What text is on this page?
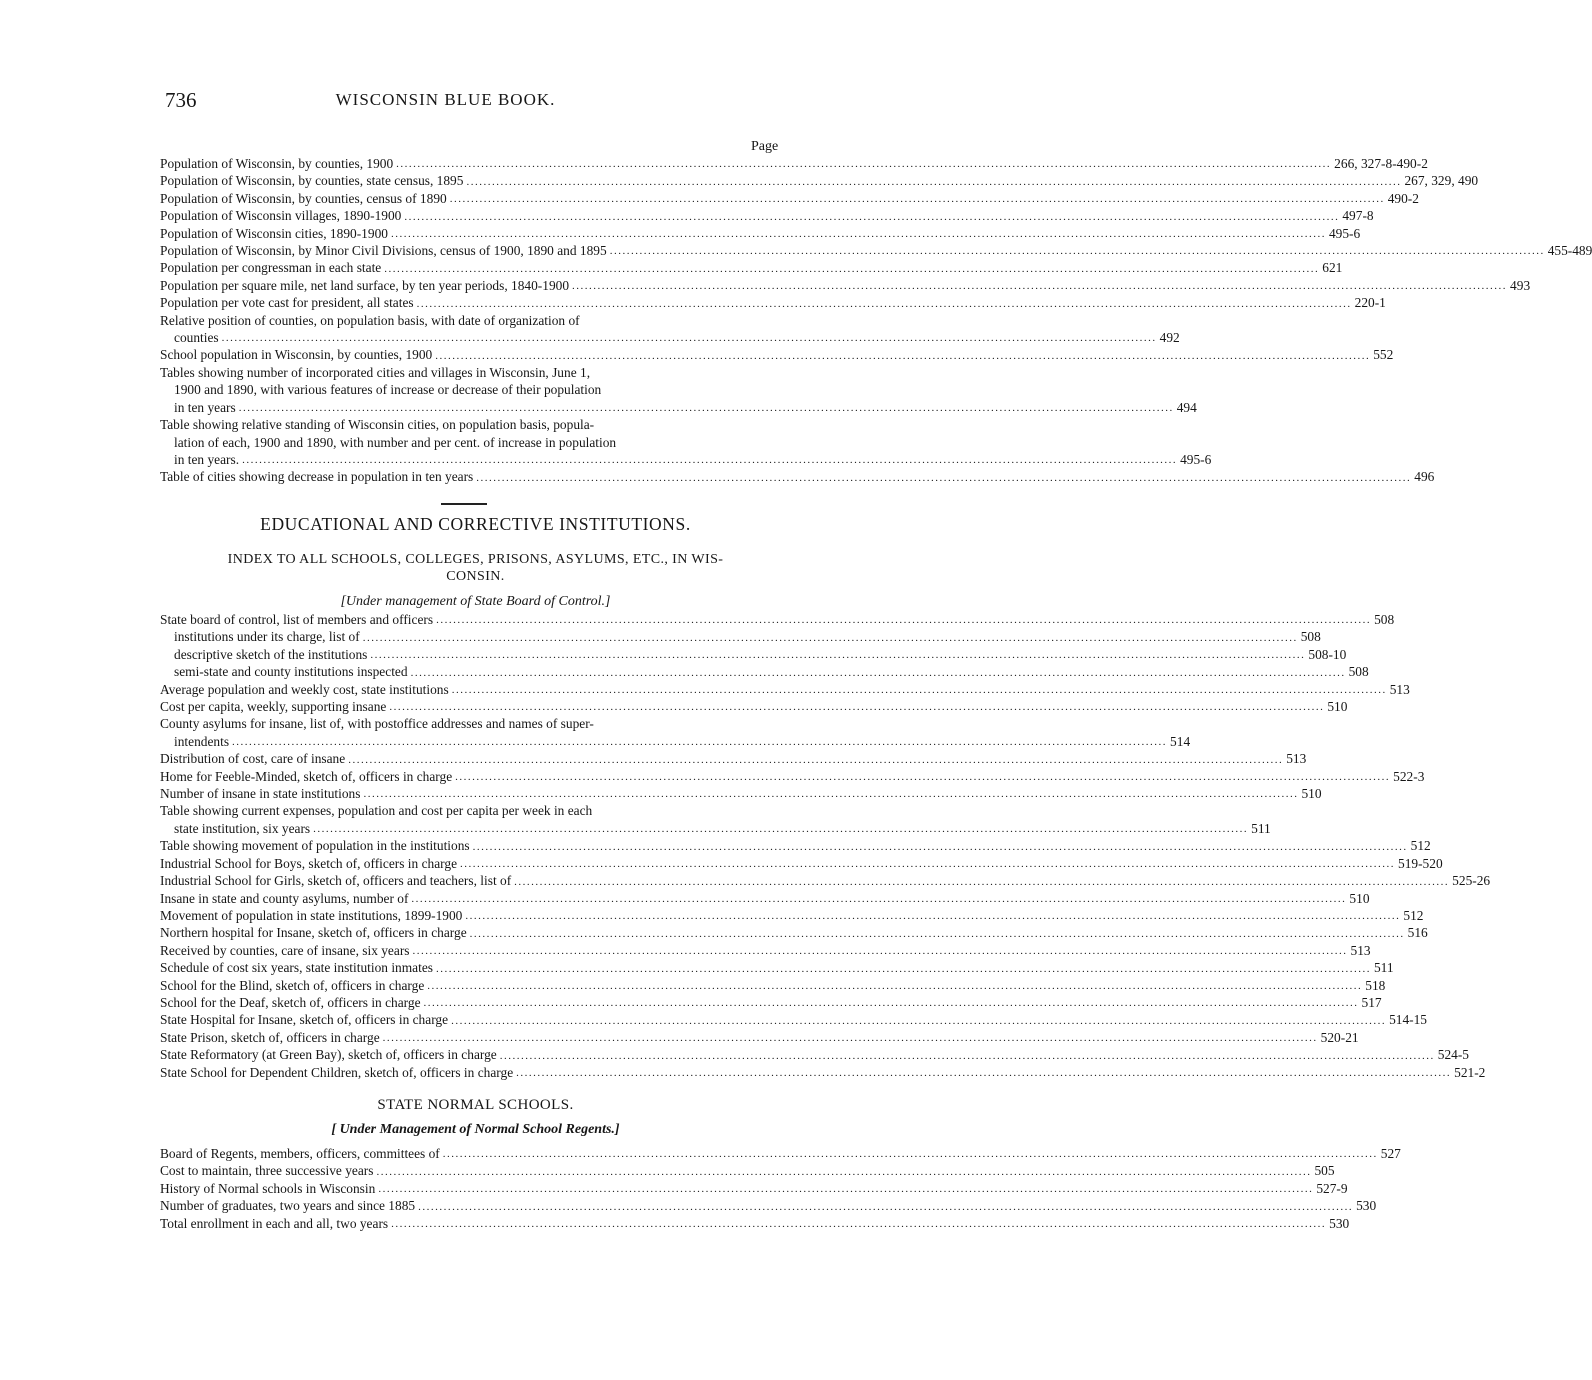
736	WISCONSIN BLUE BOOK.
Page
Population of Wisconsin, by counties, 1900 ............................................................................................................................................................................................................................ 266, 327-8-490-2
Population of Wisconsin, by counties, state census, 1895 ............................................................................................................................................................................................................................ 267, 329, 490
Population of Wisconsin, by counties, census of 1890 ............................................................................................................................................................................................................................ 490-2
Population of Wisconsin villages, 1890-1900 ............................................................................................................................................................................................................................ 497-8
Population of Wisconsin cities, 1890-1900 ............................................................................................................................................................................................................................ 495-6
Population of Wisconsin, by Minor Civil Divisions, census of 1900, 1890 and 1895 ............................................................................................................................................................................................................................ 455-489
Population per congressman in each state ............................................................................................................................................................................................................................ 621
Population per square mile, net land surface, by ten year periods, 1840-1900 ............................................................................................................................................................................................................................ 493
Population per vote cast for president, all states ............................................................................................................................................................................................................................ 220-1
Relative position of counties, on population basis, with date of organization of
counties ............................................................................................................................................................................................................................ 492
School population in Wisconsin, by counties, 1900 ............................................................................................................................................................................................................................ 552
Tables showing number of incorporated cities and villages in Wisconsin, June 1,
1900 and 1890, with various features of increase or decrease of their population
in ten years ............................................................................................................................................................................................................................ 494
Table showing relative standing of Wisconsin cities, on population basis, popula-
lation of each, 1900 and 1890, with number and per cent. of increase in population
in ten years. ............................................................................................................................................................................................................................ 495-6
Table of cities showing decrease in population in ten years ............................................................................................................................................................................................................................ 496
EDUCATIONAL AND CORRECTIVE INSTITUTIONS.
INDEX TO ALL SCHOOLS, COLLEGES, PRISONS, ASYLUMS, ETC., IN WIS-
CONSIN.
[Under management of State Board of Control.]
State board of control, list of members and officers ............................................................................................................................................................................................................................ 508
institutions under its charge, list of ............................................................................................................................................................................................................................ 508
descriptive sketch of the institutions ............................................................................................................................................................................................................................ 508-10
semi-state and county institutions inspected ............................................................................................................................................................................................................................ 508
Average population and weekly cost, state institutions ............................................................................................................................................................................................................................ 513
Cost per capita, weekly, supporting insane ............................................................................................................................................................................................................................ 510
County asylums for insane, list of, with postoffice addresses and names of super-
intendents ............................................................................................................................................................................................................................ 514
Distribution of cost, care of insane ............................................................................................................................................................................................................................ 513
Home for Feeble-Minded, sketch of, officers in charge ............................................................................................................................................................................................................................ 522-3
Number of insane in state institutions ............................................................................................................................................................................................................................ 510
Table showing current expenses, population and cost per capita per week in each
state institution, six years ............................................................................................................................................................................................................................ 511
Table showing movement of population in the institutions ............................................................................................................................................................................................................................ 512
Industrial School for Boys, sketch of, officers in charge ............................................................................................................................................................................................................................ 519-520
Industrial School for Girls, sketch of, officers and teachers, list of ............................................................................................................................................................................................................................ 525-26
Insane in state and county asylums, number of ............................................................................................................................................................................................................................ 510
Movement of population in state institutions, 1899-1900 ............................................................................................................................................................................................................................ 512
Northern hospital for Insane, sketch of, officers in charge ............................................................................................................................................................................................................................ 516
Received by counties, care of insane, six years ............................................................................................................................................................................................................................ 513
Schedule of cost six years, state institution inmates ............................................................................................................................................................................................................................ 511
School for the Blind, sketch of, officers in charge ............................................................................................................................................................................................................................ 518
School for the Deaf, sketch of, officers in charge ............................................................................................................................................................................................................................ 517
State Hospital for Insane, sketch of, officers in charge ............................................................................................................................................................................................................................ 514-15
State Prison, sketch of, officers in charge ............................................................................................................................................................................................................................ 520-21
State Reformatory (at Green Bay), sketch of, officers in charge ............................................................................................................................................................................................................................ 524-5
State School for Dependent Children, sketch of, officers in charge ............................................................................................................................................................................................................................ 521-2
STATE NORMAL SCHOOLS.
[ Under Management of Normal School Regents.]
Board of Regents, members, officers, committees of ............................................................................................................................................................................................................................ 527
Cost to maintain, three successive years ............................................................................................................................................................................................................................ 505
History of Normal schools in Wisconsin ............................................................................................................................................................................................................................ 527-9
Number of graduates, two years and since 1885 ............................................................................................................................................................................................................................ 530
Total enrollment in each and all, two years ............................................................................................................................................................................................................................ 530
